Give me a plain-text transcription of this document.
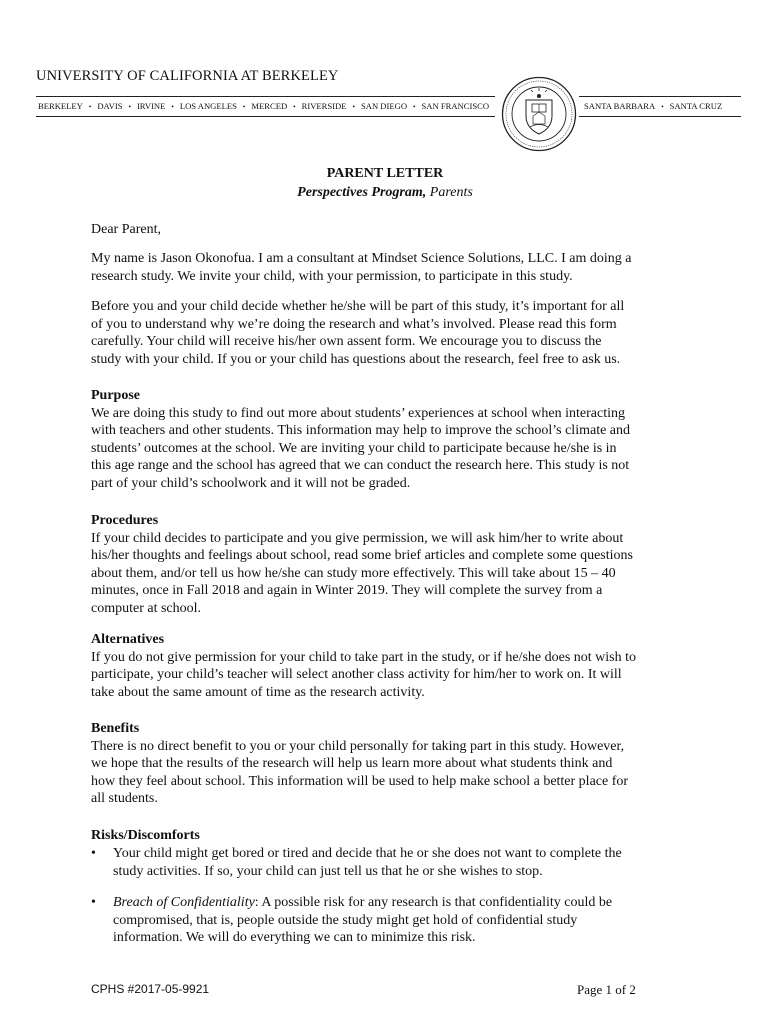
UNIVERSITY OF CALIFORNIA AT BERKELEY
BERKELEY • DAVIS • IRVINE • LOS ANGELES • MERCED • RIVERSIDE • SAN DIEGO • SAN FRANCISCO	SANTA BARBARA • SANTA CRUZ
PARENT LETTER
Perspectives Program, Parents
Dear Parent,
My name is Jason Okonofua. I am a consultant at Mindset Science Solutions, LLC. I am doing a
research study. We invite your child, with your permission, to participate in this study.
Before you and your child decide whether he/she will be part of this study, it’s important for all
of you to understand why we’re doing the research and what’s involved. Please read this form
carefully. Your child will receive his/her own assent form. We encourage you to discuss the
study with your child. If you or your child has questions about the research, feel free to ask us.
Purpose
We are doing this study to find out more about students’ experiences at school when interacting
with teachers and other students. This information may help to improve the school’s climate and
students’ outcomes at the school. We are inviting your child to participate because he/she is in
this age range and the school has agreed that we can conduct the research here. This study is not
part of your child’s schoolwork and it will not be graded.
Procedures
If your child decides to participate and you give permission, we will ask him/her to write about
his/her thoughts and feelings about school, read some brief articles and complete some questions
about them, and/or tell us how he/she can study more effectively. This will take about 15 – 40
minutes, once in Fall 2018 and again in Winter 2019. They will complete the survey from a
computer at school.
Alternatives
If you do not give permission for your child to take part in the study, or if he/she does not wish to
participate, your child’s teacher will select another class activity for him/her to work on. It will
take about the same amount of time as the research activity.
Benefits
There is no direct benefit to you or your child personally for taking part in this study. However,
we hope that the results of the research will help us learn more about what students think and
how they feel about school. This information will be used to help make school a better place for
all students.
Risks/Discomforts
• Your child might get bored or tired and decide that he or she does not want to complete the
study activities. If so, your child can just tell us that he or she wishes to stop.
• Breach of Confidentiality: A possible risk for any research is that confidentiality could be
compromised, that is, people outside the study might get hold of confidential study
information. We will do everything we can to minimize this risk.
CPHS #2017-05-9921	Page 1 of 2
